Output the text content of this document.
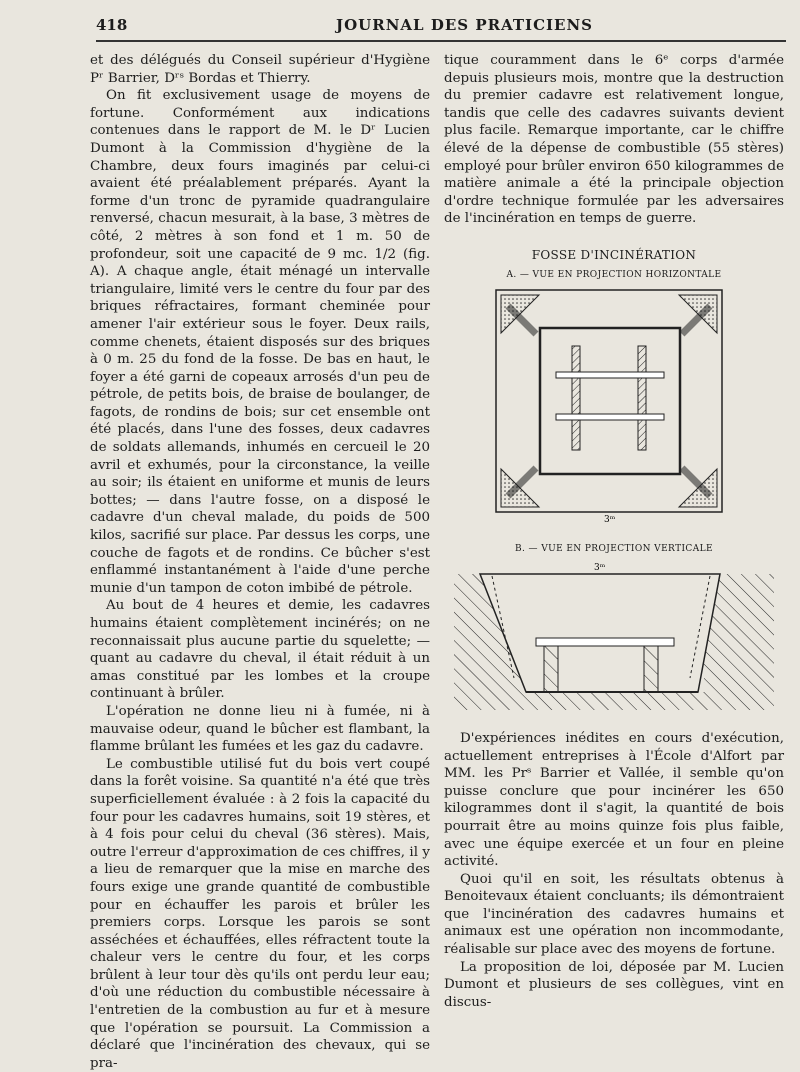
418	JOURNAL DES PRATICIENS

et des délégués du Conseil supérieur d'Hygiène Pʳ Barrier, Dʳˢ Bordas et Thierry.

On fit exclusivement usage de moyens de fortune. Conformément aux indications contenues dans le rapport de M. le Dʳ Lucien Dumont à la Commission d'hygiène de la Chambre, deux fours imaginés par celui-ci avaient été préalablement préparés. Ayant la forme d'un tronc de pyramide quadrangulaire renversé, chacun mesurait, à la base, 3 mètres de côté, 2 mètres à son fond et 1 m. 50 de profondeur, soit une capacité de 9 mc. 1/2 (fig. A). A chaque angle, était ménagé un intervalle triangulaire, limité vers le centre du four par des briques réfractaires, formant cheminée pour amener l'air extérieur sous le foyer. Deux rails, comme chenets, étaient disposés sur des briques à 0 m. 25 du fond de la fosse. De bas en haut, le foyer a été garni de copeaux arrosés d'un peu de pétrole, de petits bois, de braise de boulanger, de fagots, de rondins de bois; sur cet ensemble ont été placés, dans l'une des fosses, deux cadavres de soldats allemands, inhumés en cercueil le 20 avril et exhumés, pour la circonstance, la veille au soir; ils étaient en uniforme et munis de leurs bottes; — dans l'autre fosse, on a disposé le cadavre d'un cheval malade, du poids de 500 kilos, sacrifié sur place. Par dessus les corps, une couche de fagots et de rondins. Ce bûcher s'est enflammé instantanément à l'aide d'une perche munie d'un tampon de coton imbibé de pétrole.

Au bout de 4 heures et demie, les cadavres humains étaient complètement incinérés; on ne reconnaissait plus aucune partie du squelette; — quant au cadavre du cheval, il était réduit à un amas constitué par les lombes et la croupe continuant à brûler.

L'opération ne donne lieu ni à fumée, ni à mauvaise odeur, quand le bûcher est flambant, la flamme brûlant les fumées et les gaz du cadavre.

Le combustible utilisé fut du bois vert coupé dans la forêt voisine. Sa quantité n'a été que très superficiellement évaluée : à 2 fois la capacité du four pour les cadavres humains, soit 19 stères, et à 4 fois pour celui du cheval (36 stères). Mais, outre l'erreur d'approximation de ces chiffres, il y a lieu de remarquer que la mise en marche des fours exige une grande quantité de combustible pour en échauffer les parois et brûler les premiers corps. Lorsque les parois se sont asséchées et échauffées, elles réfractent toute la chaleur vers le centre du four, et les corps brûlent à leur tour dès qu'ils ont perdu leur eau; d'où une réduction du combustible nécessaire à l'entretien de la combustion au fur et à mesure que l'opération se poursuit. La Commission a déclaré que l'incinération des chevaux, qui se pra-

tique couramment dans le 6ᵉ corps d'armée depuis plusieurs mois, montre que la destruction du premier cadavre est relativement longue, tandis que celle des cadavres suivants devient plus facile. Remarque importante, car le chiffre élevé de la dépense de combustible (55 stères) employé pour brûler environ 650 kilogrammes de matière animale a été la principale objection d'ordre technique formulée par les adversaires de l'incinération en temps de guerre.

FOSSE D'INCINÉRATION
A. — VUE EN PROJECTION HORIZONTALE
3ᵐ
B. — VUE EN PROJECTION VERTICALE
3ᵐ

D'expériences inédites en cours d'exécution, actuellement entreprises à l'École d'Alfort par MM. les Prˢ Barrier et Vallée, il semble qu'on puisse conclure que pour incinérer les 650 kilogrammes dont il s'agit, la quantité de bois pourrait être au moins quinze fois plus faible, avec une équipe exercée et un four en pleine activité.

Quoi qu'il en soit, les résultats obtenus à Benoitevaux étaient concluants; ils démontraient que l'incinération des cadavres humains et animaux est une opération non incommodante, réalisable sur place avec des moyens de fortune.

La proposition de loi, déposée par M. Lucien Dumont et plusieurs de ses collègues, vint en discus-
